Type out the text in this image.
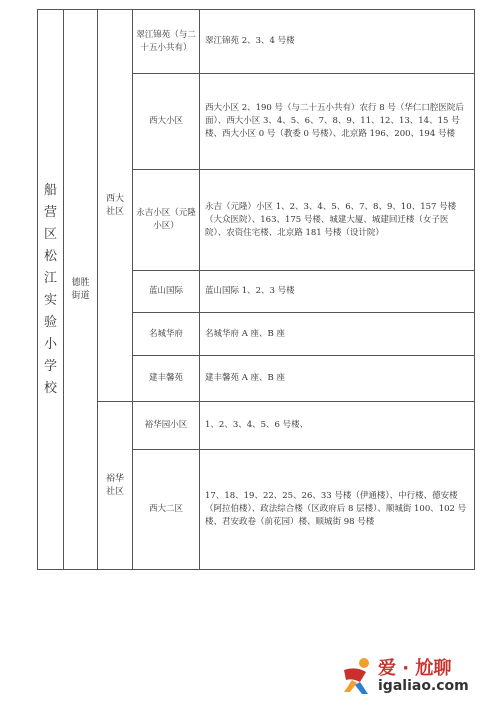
船营区松江实验小学校	德胜街道	西大社区	翠江锦苑（与二十五小共有）	翠江锦苑 2、3、4 号楼
			西大小区	西大小区 2、190 号（与二十五小共有）农行 8 号（华仁口腔医院后面）、西大小区 3、4、5、6、7、8、9、11、12、13、14、15 号楼、西大小区 0 号（教委 0 号楼）、北京路 196、200、194 号楼
			永吉小区（元隆小区）	永吉（元隆）小区 1、2、3、4、5、6、7、8、9、10、157 号楼（大众医院）、163、175 号楼、城建大厦、城建回迁楼（女子医院）、农资住宅楼、北京路 181 号楼（设计院）
			蓝山国际	蓝山国际 1、2、3 号楼
			名城华府	名城华府 A 座、B 座
			建丰馨苑	建丰馨苑 A 座、B 座
		裕华社区	裕华园小区	1、2、3、4、5、6 号楼、
			西大二区	17、18、19、22、25、26、33 号楼（伊通楼）、中行楼、德安楼（阿拉伯楼）、政法综合楼（区政府后 8 层楼）、顺城街 100、102 号楼、君安政卷（前花园）楼、顺城街 98 号楼
爱 · 尬聊
igaliao.com
